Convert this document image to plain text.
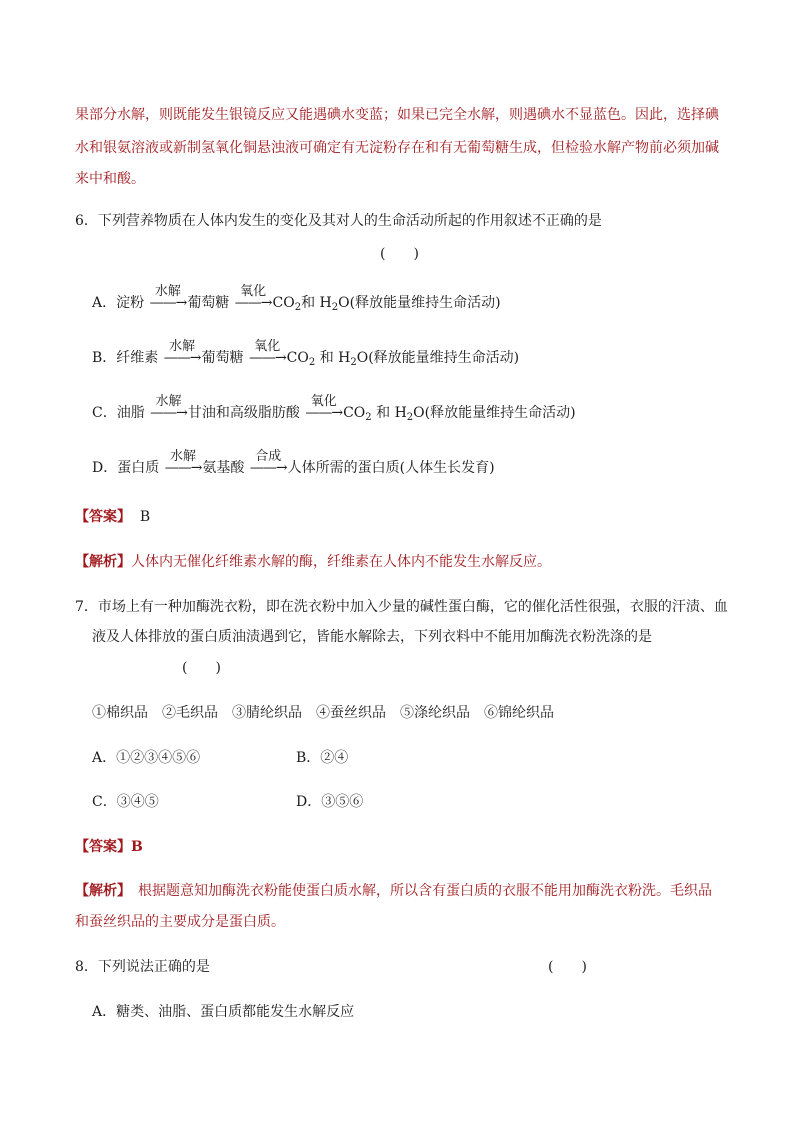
果部分水解，则既能发生银镜反应又能遇碘水变蓝；如果已完全水解，则遇碘水不显蓝色。因此，选择碘
水和银氨溶液或新制氢氧化铜悬浊液可确定有无淀粉存在和有无葡萄糖生成，但检验水解产物前必须加碱
来中和酸。
6．下列营养物质在人体内发生的变化及其对人的生命活动所起的作用叙述不正确的是
(　　)
A．淀粉
水解
——→葡萄糖
氧化
$——\to CO_2$和 $H_2O$(释放能量维持生命活动)
B．纤维素
水解
——→葡萄糖
氧化
$——\to CO_2$ 和 $H_2O$(释放能量维持生命活动)
C．油脂
水解
——→甘油和高级脂肪酸
氧化
$——\to CO_2$ 和 $H_2O$(释放能量维持生命活动)
D．蛋白质
水解
——→氨基酸
合成
——→人体所需的蛋白质(人体生长发育)
【答案】 B
【解析】人体内无催化纤维素水解的酶，纤维素在人体内不能发生水解反应。
7．市场上有一种加酶洗衣粉，即在洗衣粉中加入少量的碱性蛋白酶，它的催化活性很强，衣服的汗渍、血
液及人体排放的蛋白质油渍遇到它，皆能水解除去，下列衣料中不能用加酶洗衣粉洗涤的是
(　　)
①棉织品　②毛织品　③腈纶织品　④蚕丝织品　⑤涤纶织品　⑥锦纶织品
A．①②③④⑤⑥	B．②④
C．③④⑤	D．③⑤⑥
【答案】B
【解析】　根据题意知加酶洗衣粉能使蛋白质水解，所以含有蛋白质的衣服不能用加酶洗衣粉洗。毛织品
和蚕丝织品的主要成分是蛋白质。
8．下列说法正确的是	(　　)
A．糖类、油脂、蛋白质都能发生水解反应
